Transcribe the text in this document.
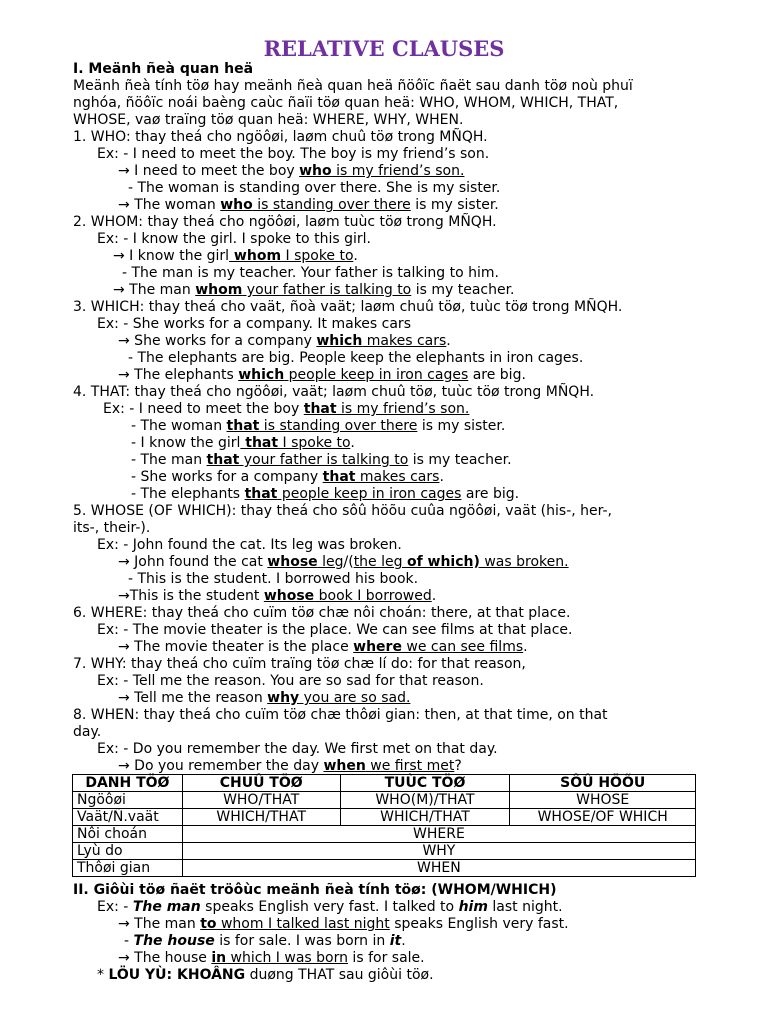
RELATIVE CLAUSES
I. Meänh ñeà quan heä
Meänh ñeà tính töø hay meänh ñeà quan heä ñöôïc ñaët sau danh töø noù phuï
nghóa, ñöôïc noái baèng caùc ñaïi töø quan heä: WHO, WHOM, WHICH, THAT,
WHOSE, vaø traïng töø quan heä: WHERE, WHY, WHEN.
1. WHO: thay theá cho ngöôøi, laøm chuû töø trong MÑQH.
Ex: - I need to meet the boy. The boy is my friend’s son.
→ I need to meet the boy who is my friend’s son.
- The woman is standing over there. She is my sister.
→ The woman who is standing over there is my sister.
2. WHOM: thay theá cho ngöôøi, laøm tuùc töø trong MÑQH.
Ex: - I know the girl. I spoke to this girl.
→ I know the girl whom I spoke to.
- The man is my teacher. Your father is talking to him.
→ The man whom your father is talking to is my teacher.
3. WHICH: thay theá cho vaät, ñoà vaät; laøm chuû töø, tuùc töø trong MÑQH.
Ex: - She works for a company. It makes cars
→ She works for a company which makes cars.
- The elephants are big. People keep the elephants in iron cages.
→ The elephants which people keep in iron cages are big.
4. THAT: thay theá cho ngöôøi, vaät; laøm chuû töø, tuùc töø trong MÑQH.
Ex: - I need to meet the boy that is my friend’s son.
- The woman that is standing over there is my sister.
- I know the girl that I spoke to.
- The man that your father is talking to is my teacher.
- She works for a company that makes cars.
- The elephants that people keep in iron cages are big.
5. WHOSE (OF WHICH): thay theá cho sôû höõu cuûa ngöôøi, vaät (his-, her-,
its-, their-).
Ex: - John found the cat. Its leg was broken.
→ John found the cat whose leg/(the leg of which) was broken.
- This is the student. I borrowed his book.
→This is the student whose book I borrowed.
6. WHERE: thay theá cho cuïm töø chæ nôi choán: there, at that place.
Ex: - The movie theater is the place. We can see films at that place.
→ The movie theater is the place where we can see films.
7. WHY: thay theá cho cuïm traïng töø chæ lí do: for that reason,
Ex: - Tell me the reason. You are so sad for that reason.
→ Tell me the reason why you are so sad.
8. WHEN: thay theá cho cuïm töø chæ thôøi gian: then, at that time, on that
day.
Ex: - Do you remember the day. We first met on that day.
→ Do you remember the day when we first met?
DANH TÖØ	CHUÛ TÖØ	TUÙC TÖØ	SÔÛ HÖÕU
Ngöôøi	WHO/THAT	WHO(M)/THAT	WHOSE
Vaät/Ñ.vaät	WHICH/THAT	WHICH/THAT	WHOSE/OF WHICH
Nôi choán	WHERE		
Lyù do	WHY		
Thôøi gian	WHEN		
II. Giôùi töø ñaët tröôùc meänh ñeà tính töø: (WHOM/WHICH)
Ex: - The man speaks English very fast. I talked to him last night.
→ The man to whom I talked last night speaks English very fast.
- The house is for sale. I was born in it.
→ The house in which I was born is for sale.
* LÖU YÙ: KHOÂNG duøng THAT sau giôùi töø.
